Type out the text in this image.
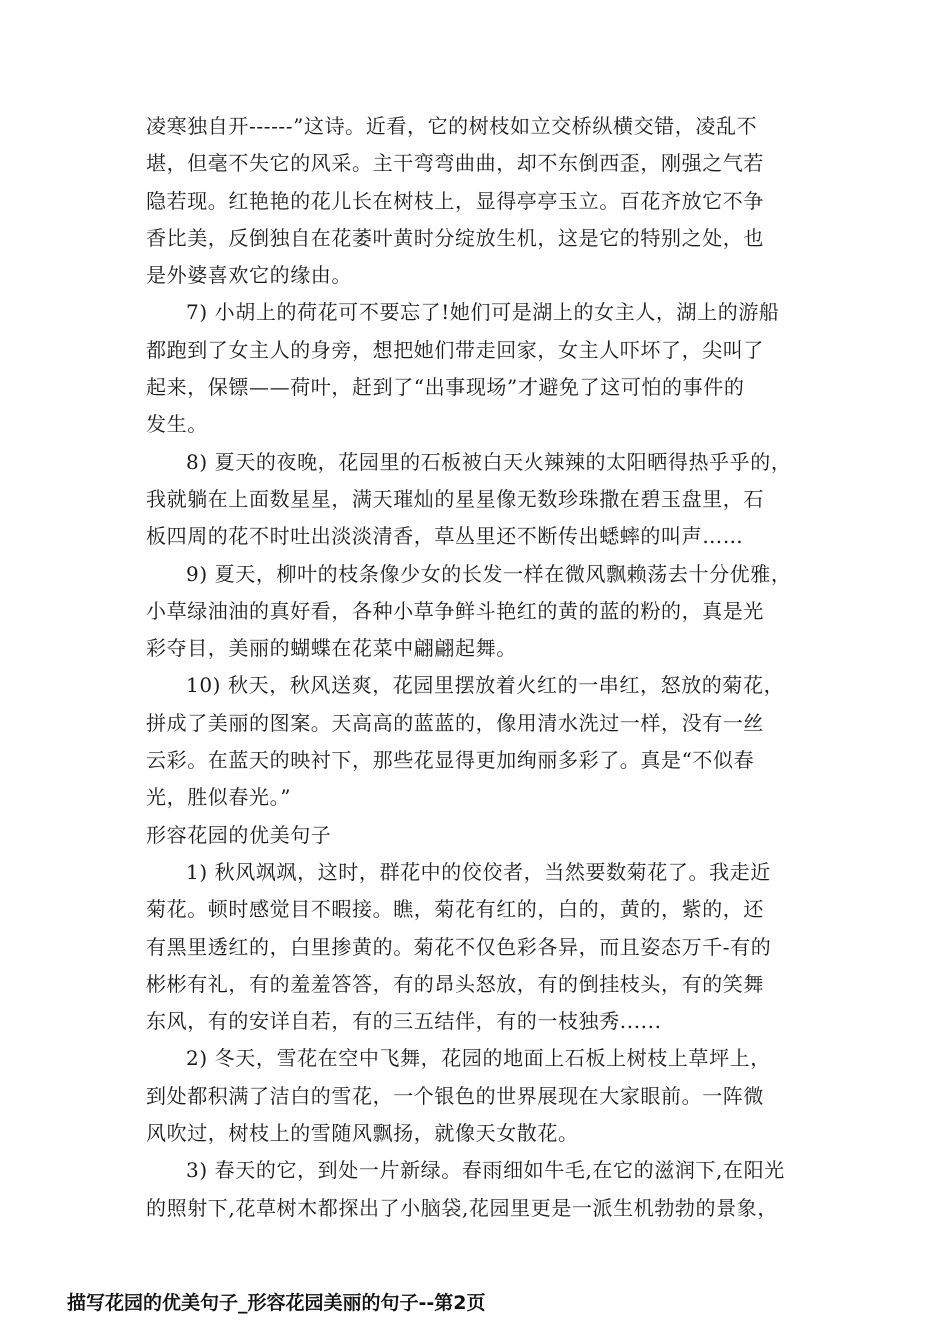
凌寒独自开------”这诗。近看，它的树枝如立交桥纵横交错，凌乱不
堪，但毫不失它的风采。主干弯弯曲曲，却不东倒西歪，刚强之气若
隐若现。红艳艳的花儿长在树枝上，显得亭亭玉立。百花齐放它不争
香比美，反倒独自在花萎叶黄时分绽放生机，这是它的特别之处，也
是外婆喜欢它的缘由。
7) 小胡上的荷花可不要忘了!她们可是湖上的女主人，湖上的游船
都跑到了女主人的身旁，想把她们带走回家，女主人吓坏了，尖叫了
起来，保镖——荷叶，赶到了“出事现场”才避免了这可怕的事件的
发生。
8) 夏天的夜晚，花园里的石板被白天火辣辣的太阳晒得热乎乎的，
我就躺在上面数星星，满天璀灿的星星像无数珍珠撒在碧玉盘里，石
板四周的花不时吐出淡淡清香，草丛里还不断传出蟋蟀的叫声……
9) 夏天，柳叶的枝条像少女的长发一样在微风飘赖荡去十分优雅，
小草绿油油的真好看，各种小草争鲜斗艳红的黄的蓝的粉的，真是光
彩夺目，美丽的蝴蝶在花菜中翩翩起舞。
10) 秋天，秋风送爽，花园里摆放着火红的一串红，怒放的菊花，
拼成了美丽的图案。天高高的蓝蓝的，像用清水洗过一样，没有一丝
云彩。在蓝天的映衬下，那些花显得更加绚丽多彩了。真是“不似春
光，胜似春光。”
形容花园的优美句子
1) 秋风飒飒，这时，群花中的佼佼者，当然要数菊花了。我走近
菊花。顿时感觉目不暇接。瞧，菊花有红的，白的，黄的，紫的，还
有黑里透红的，白里掺黄的。菊花不仅色彩各异，而且姿态万千-有的
彬彬有礼，有的羞羞答答，有的昂头怒放，有的倒挂枝头，有的笑舞
东风，有的安详自若，有的三五结伴，有的一枝独秀......
2) 冬天，雪花在空中飞舞，花园的地面上石板上树枝上草坪上，
到处都积满了洁白的雪花，一个银色的世界展现在大家眼前。一阵微
风吹过，树枝上的雪随风飘扬，就像天女散花。
3) 春天的它，到处一片新绿。春雨细如牛毛,在它的滋润下,在阳光
的照射下,花草树木都探出了小脑袋,花园里更是一派生机勃勃的景象，
描写花园的优美句子_形容花园美丽的句子--第2页
